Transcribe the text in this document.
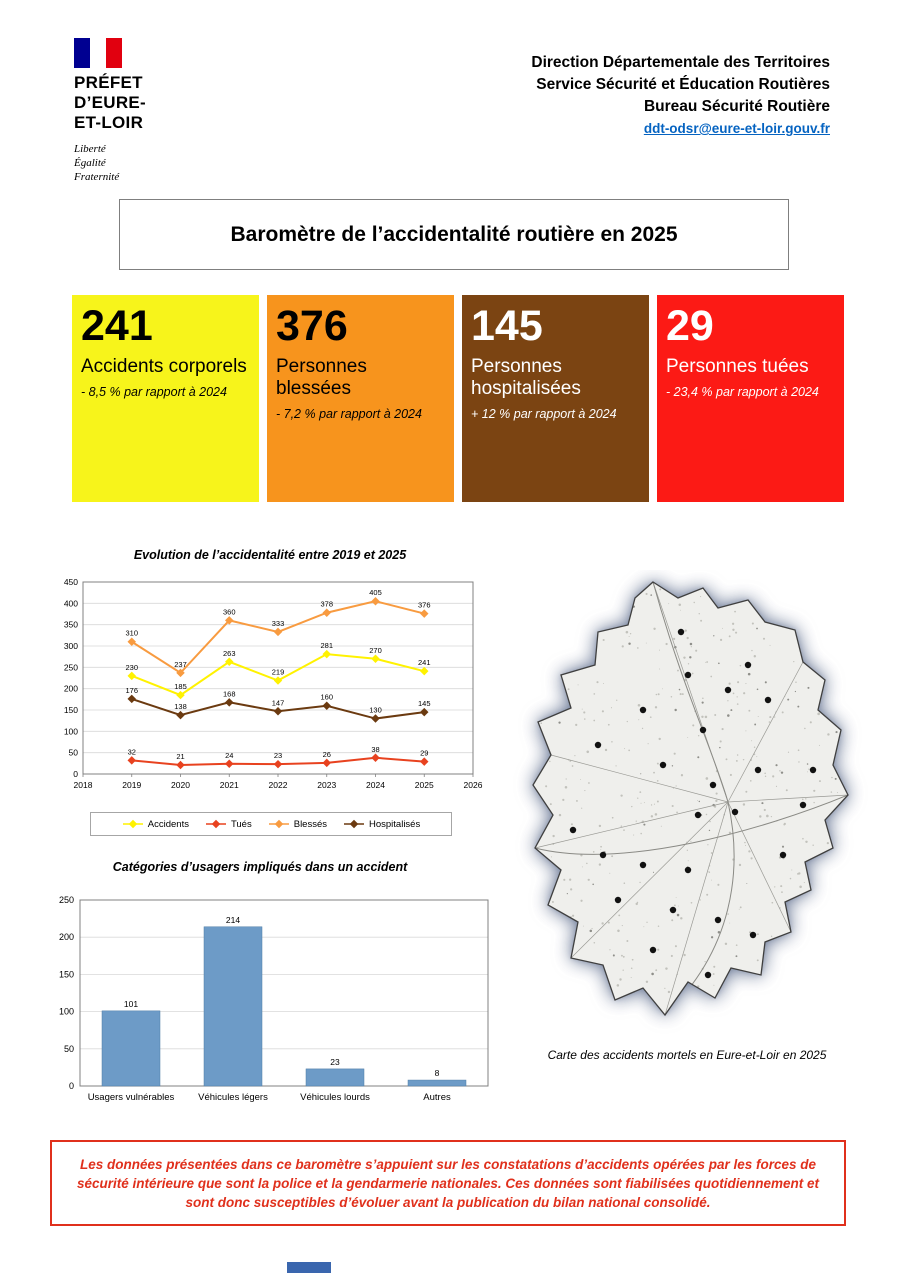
PRÉFET
D’EURE-
ET-LOIR
Liberté
Égalité
Fraternité
Direction Départementale des Territoires
Service Sécurité et Éducation Routières
Bureau Sécurité Routière
ddt-odsr@eure-et-loir.gouv.fr
Baromètre de l’accidentalité routière en 2025
241
Accidents corporels
- 8,5 % par rapport à 2024
376
Personnes blessées
- 7,2 % par rapport à 2024
145
Personnes hospitalisées
+ 12 % par rapport à 2024
29
Personnes tuées
- 23,4 % par rapport à 2024
Evolution de l’accidentalité entre 2019 et 2025
0
50
100
150
200
250
300
350
400
450
2018	2019	2020	2021	2022	2023	2024	2025	2026
230
185
263
219
281
270
241
32
21	24	23	26
38	29
310
237
360
333
378
405
376
176
138
168
147
160
130
145
Accidents	Tués	Blessés	Hospitalisés
Catégories d’usagers impliqués dans un accident
0
50
100
150
200
250
101
Usagers vulnérables
214
Véhicules légers
23
Véhicules lourds
8
Autres
Carte des accidents mortels en Eure-et-Loir en 2025
Les données présentées dans ce baromètre s’appuient sur les constatations d’accidents opérées par les forces de sécurité intérieure que sont la police et la gendarmerie nationales. Ces données sont fiabilisées quotidiennement et sont donc susceptibles d’évoluer avant la publication du bilan national consolidé.
